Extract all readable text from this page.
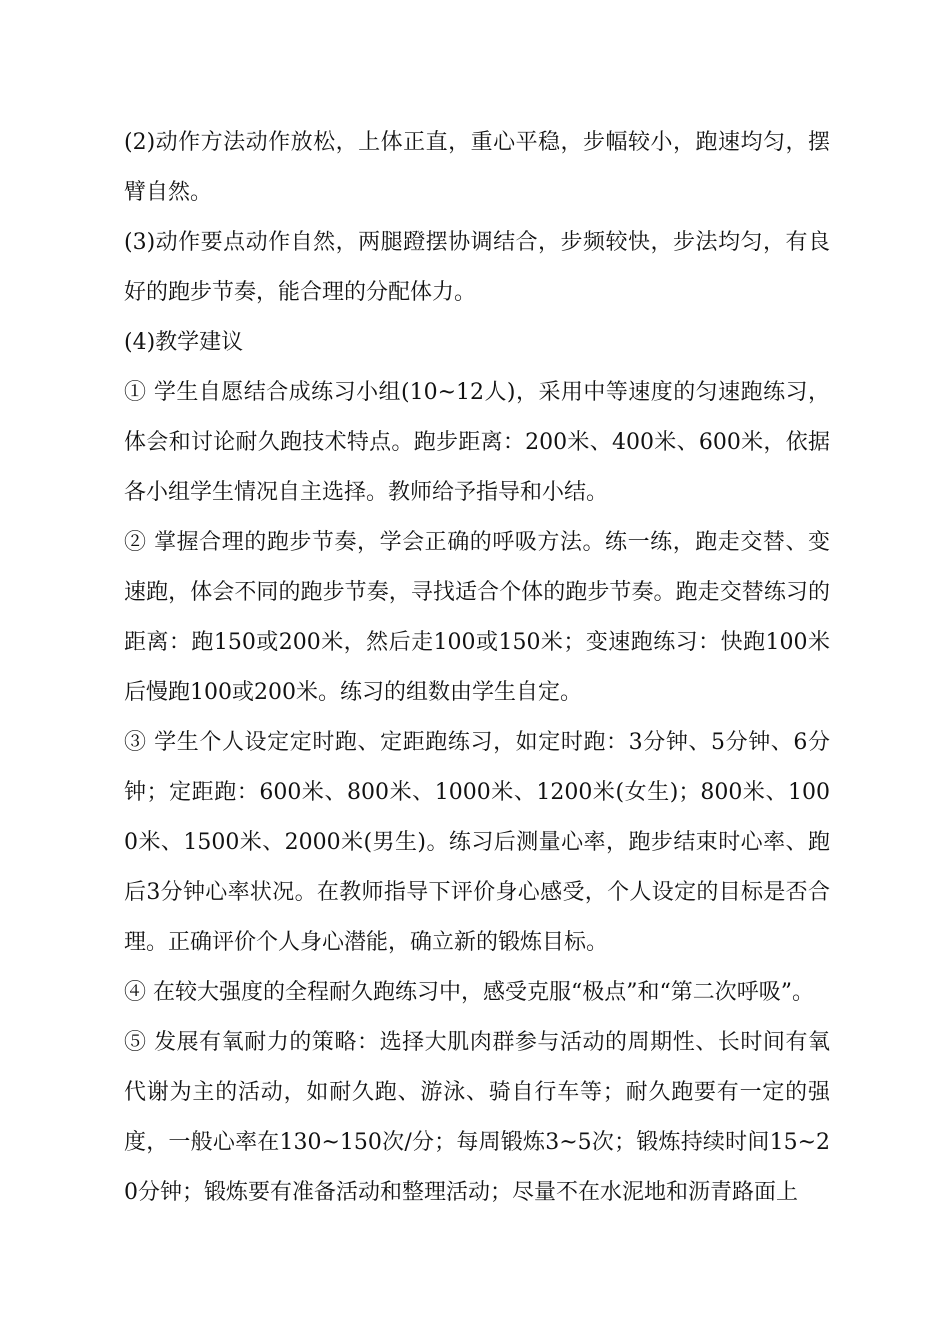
(2)动作方法动作放松，上体正直，重心平稳，步幅较小，跑速均匀，摆臂自然。

(3)动作要点动作自然，两腿蹬摆协调结合，步频较快，步法均匀，有良好的跑步节奏，能合理的分配体力。

(4)教学建议

① 学生自愿结合成练习小组(10~12人)，采用中等速度的匀速跑练习，体会和讨论耐久跑技术特点。跑步距离：200米、400米、600米，依据各小组学生情况自主选择。教师给予指导和小结。

② 掌握合理的跑步节奏，学会正确的呼吸方法。练一练，跑走交替、变速跑，体会不同的跑步节奏，寻找适合个体的跑步节奏。跑走交替练习的距离：跑150或200米，然后走100或150米；变速跑练习：快跑100米后慢跑100或200米。练习的组数由学生自定。

③ 学生个人设定定时跑、定距跑练习，如定时跑：3分钟、5分钟、6分钟；定距跑：600米、800米、1000米、1200米(女生)；800米、1000米、1500米、2000米(男生)。练习后测量心率，跑步结束时心率、跑后3分钟心率状况。在教师指导下评价身心感受，个人设定的目标是否合理。正确评价个人身心潜能，确立新的锻炼目标。

④ 在较大强度的全程耐久跑练习中，感受克服“极点”和“第二次呼吸”。

⑤ 发展有氧耐力的策略：选择大肌肉群参与活动的周期性、长时间有氧代谢为主的活动，如耐久跑、游泳、骑自行车等；耐久跑要有一定的强度，一般心率在130~150次/分；每周锻炼3~5次；锻炼持续时间15~20分钟；锻炼要有准备活动和整理活动；尽量不在水泥地和沥青路面上
